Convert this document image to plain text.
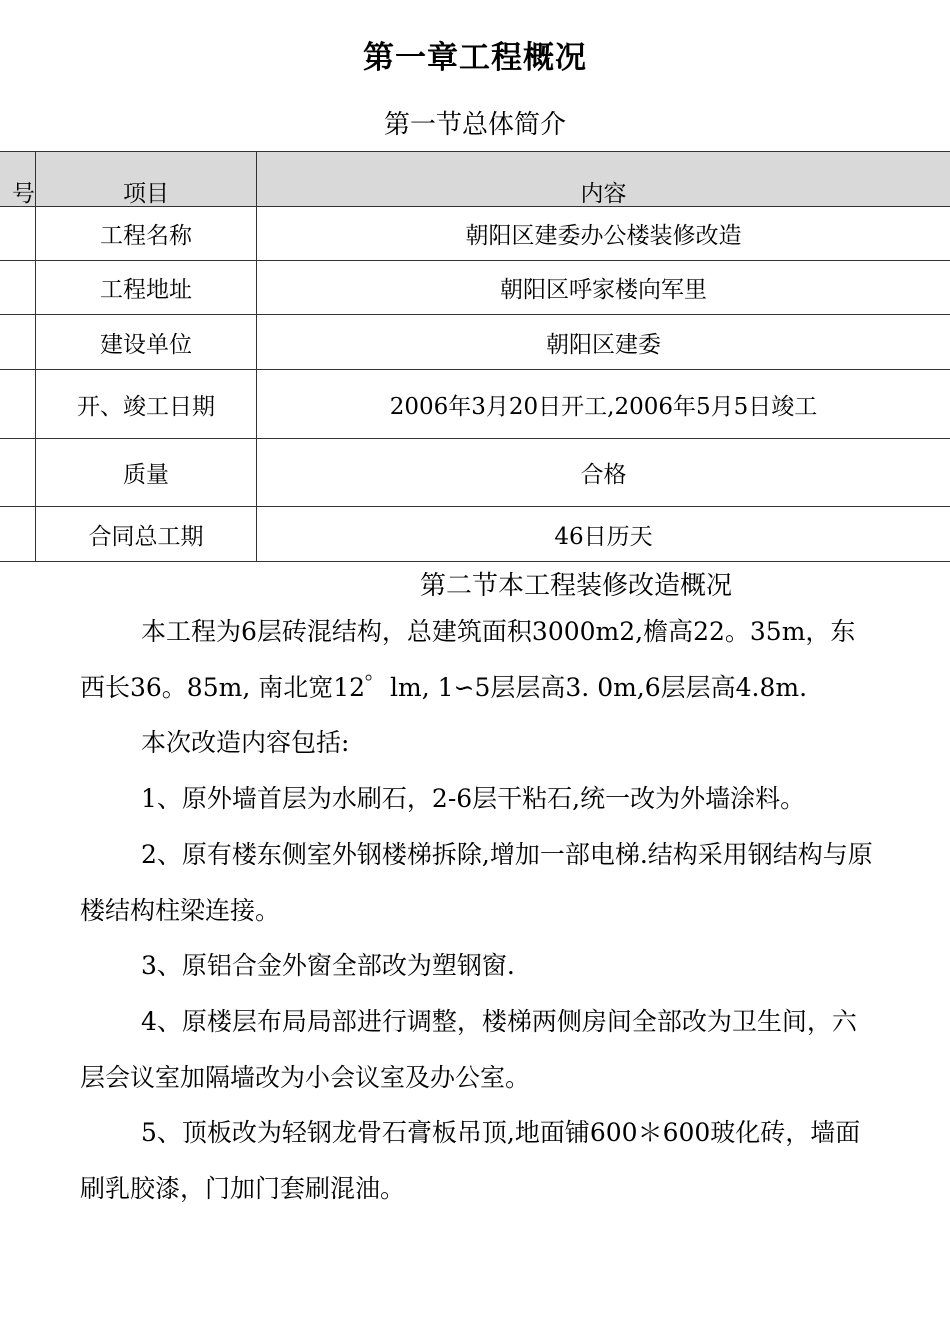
第一章工程概况
第一节总体简介
号	项目	内容
	工程名称	朝阳区建委办公楼装修改造
	工程地址	朝阳区呼家楼向军里
	建设单位	朝阳区建委
	开、竣工日期	2006年3月20日开工,2006年5月5日竣工
	质量	合格
	合同总工期	46日历天
第二节本工程装修改造概况

本工程为6层砖混结构，总建筑面积3000m2,檐高22。35m，东西长36。85m, 南北宽12゜lm, 1∽5层层高3. 0m,6层层高4.8m.

本次改造内容包括:

1、原外墙首层为水刷石，2-6层干粘石,统一改为外墙涂料。

2、原有楼东侧室外钢楼梯拆除,增加一部电梯.结构采用钢结构与原楼结构柱梁连接。

3、原铝合金外窗全部改为塑钢窗.

4、原楼层布局局部进行调整，楼梯两侧房间全部改为卫生间，六层会议室加隔墙改为小会议室及办公室。

5、顶板改为轻钢龙骨石膏板吊顶,地面铺600＊600玻化砖，墙面刷乳胶漆，门加门套刷混油。
